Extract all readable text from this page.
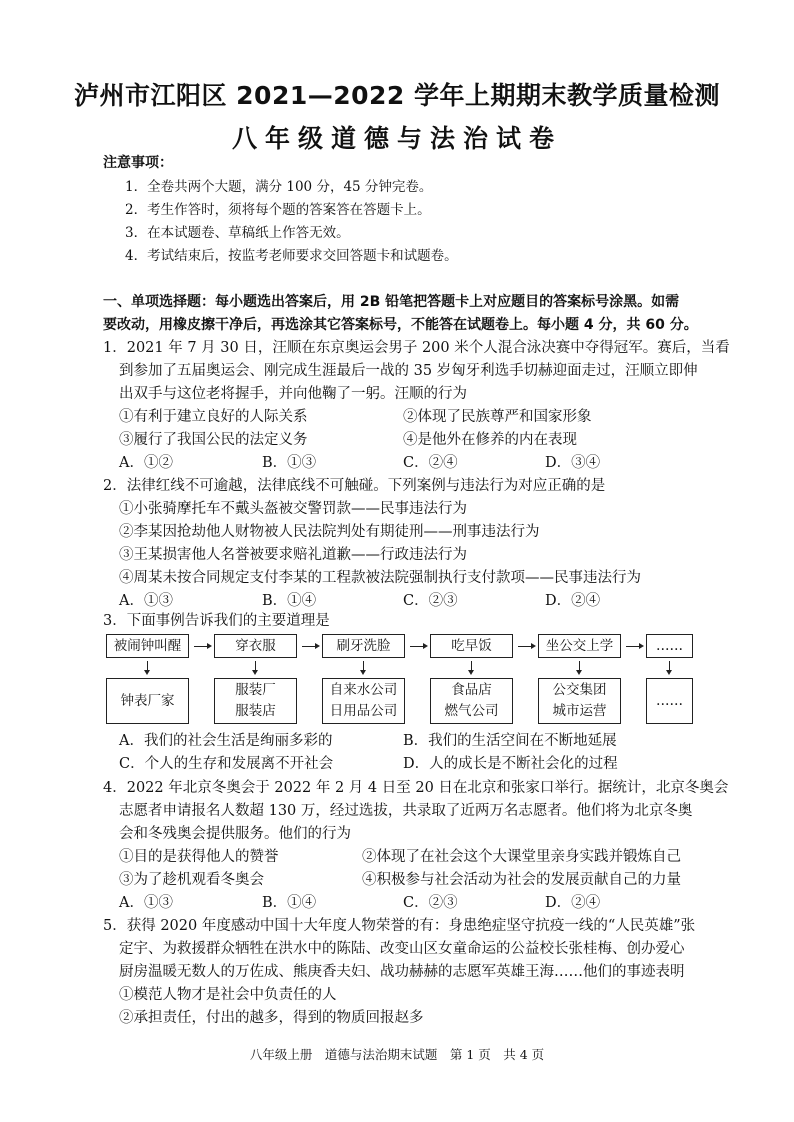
泸州市江阳区 2021—2022 学年上期期末教学质量检测
八年级道德与法治试卷
注意事项：
1．全卷共两个大题，满分 100 分，45 分钟完卷。
2．考生作答时，须将每个题的答案答在答题卡上。
3．在本试题卷、草稿纸上作答无效。
4．考试结束后，按监考老师要求交回答题卡和试题卷。
一、单项选择题：每小题选出答案后，用 2B 铅笔把答题卡上对应题目的答案标号涂黑。如需
要改动，用橡皮擦干净后，再选涂其它答案标号，不能答在试题卷上。每小题 4 分，共 60 分。
1．2021 年 7 月 30 日，汪顺在东京奥运会男子 200 米个人混合泳决赛中夺得冠军。赛后，当看
到参加了五届奥运会、刚完成生涯最后一战的 35 岁匈牙利选手切赫迎面走过，汪顺立即伸
出双手与这位老将握手，并向他鞠了一躬。汪顺的行为
①有利于建立良好的人际关系	②体现了民族尊严和国家形象
③履行了我国公民的法定义务	④是他外在修养的内在表现
A．①②	B．①③	C．②④	D．③④
2．法律红线不可逾越，法律底线不可触碰。下列案例与违法行为对应正确的是
①小张骑摩托车不戴头盔被交警罚款——民事违法行为
②李某因抢劫他人财物被人民法院判处有期徒刑——刑事违法行为
③王某损害他人名誉被要求赔礼道歉——行政违法行为
④周某未按合同规定支付李某的工程款被法院强制执行支付款项——民事违法行为
A．①③	B．①④	C．②③	D．②④
3．下面事例告诉我们的主要道理是
被闹钟叫醒	穿衣服	刷牙洗脸	吃早饭	坐公交上学	……
钟表厂家
服装厂
服装店
自来水公司
日用品公司
食品店
燃气公司
公交集团
城市运营
……
A．我们的社会生活是绚丽多彩的	B．我们的生活空间在不断地延展
C．个人的生存和发展离不开社会	D．人的成长是不断社会化的过程
4．2022 年北京冬奥会于 2022 年 2 月 4 日至 20 日在北京和张家口举行。据统计，北京冬奥会
志愿者申请报名人数超 130 万，经过选拔，共录取了近两万名志愿者。他们将为北京冬奥
会和冬残奥会提供服务。他们的行为
①目的是获得他人的赞誉	②体现了在社会这个大课堂里亲身实践并锻炼自己
③为了趁机观看冬奥会	④积极参与社会活动为社会的发展贡献自己的力量
A．①③	B．①④	C．②③	D．②④
5．获得 2020 年度感动中国十大年度人物荣誉的有：身患绝症坚守抗疫一线的“人民英雄”张
定宇、为救援群众牺牲在洪水中的陈陆、改变山区女童命运的公益校长张桂梅、创办爱心
厨房温暖无数人的万佐成、熊庚香夫妇、战功赫赫的志愿军英雄王海……他们的事迹表明
①模范人物才是社会中负责任的人
②承担责任，付出的越多，得到的物质回报赵多
八年级上册　道德与法治期末试题　第 1 页　共 4 页
